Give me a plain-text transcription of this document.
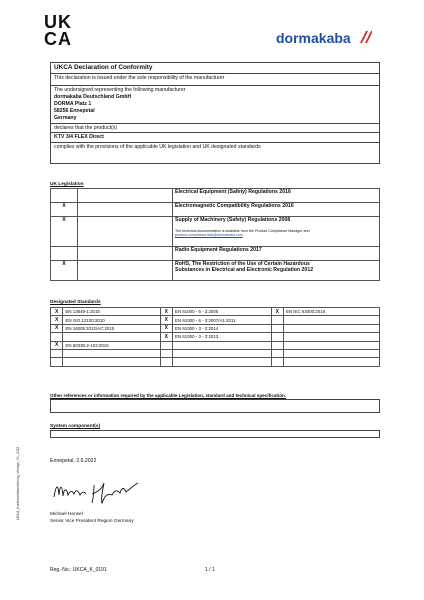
UK CA	dormakaba
UKCA Declaration of Conformity
This declaration is issued under the sole responsibility of the manufacturer
The undersigned representing the following manufacturer
dormakaba Deutschland GmbH
DORMA Platz 1
58256 Ennepetal
Germany
declares that the product(s)
KTV 3/4 FLEX Direct
complies with the provisions of the applicable UK legislation and UK designated standards
UK Legislation
		Electrical Equipment (Safety) Regulations 2016
X		Electromagnetic Compatibility Regulations 2016
X		Supply of Machinery (Safety) Regulations 2008
The technical documentation is available from the Product Compliance Manager and
product-compliance.ttde@dormakaba.com

		Radio Equipment Regulations 2017
X		RoHS, The Restriction of the Use of Certain Hazardous
Substances in Electrical and Electronic Regulation 2012
Designated Standards
X	EN 13849-1:2015	X	EN 61000 - 6 - 2:2005	X	EN IEC 63000:2018
X	EN ISO 12100:2010	X	EN 61000 - 6 - 3:2007/A1:2011		
X	EN 16005:2012/AC:2015	X	EN 61000 - 3 - 2:2014		
		X	EN 61000 - 3 - 3:2013		
X	EN 60335-2-103:2015				

Other references or information required by the applicable Legislation, standard and technical specification.
System component(s)
Ennepetal, 2.6.2022
Michael Hensel
Senior Vice President Region Germany
UKCA_Konformitätserklärung_Vorlage_V1_2022
Reg.-No.: UKCA_K_0191	1 / 1
